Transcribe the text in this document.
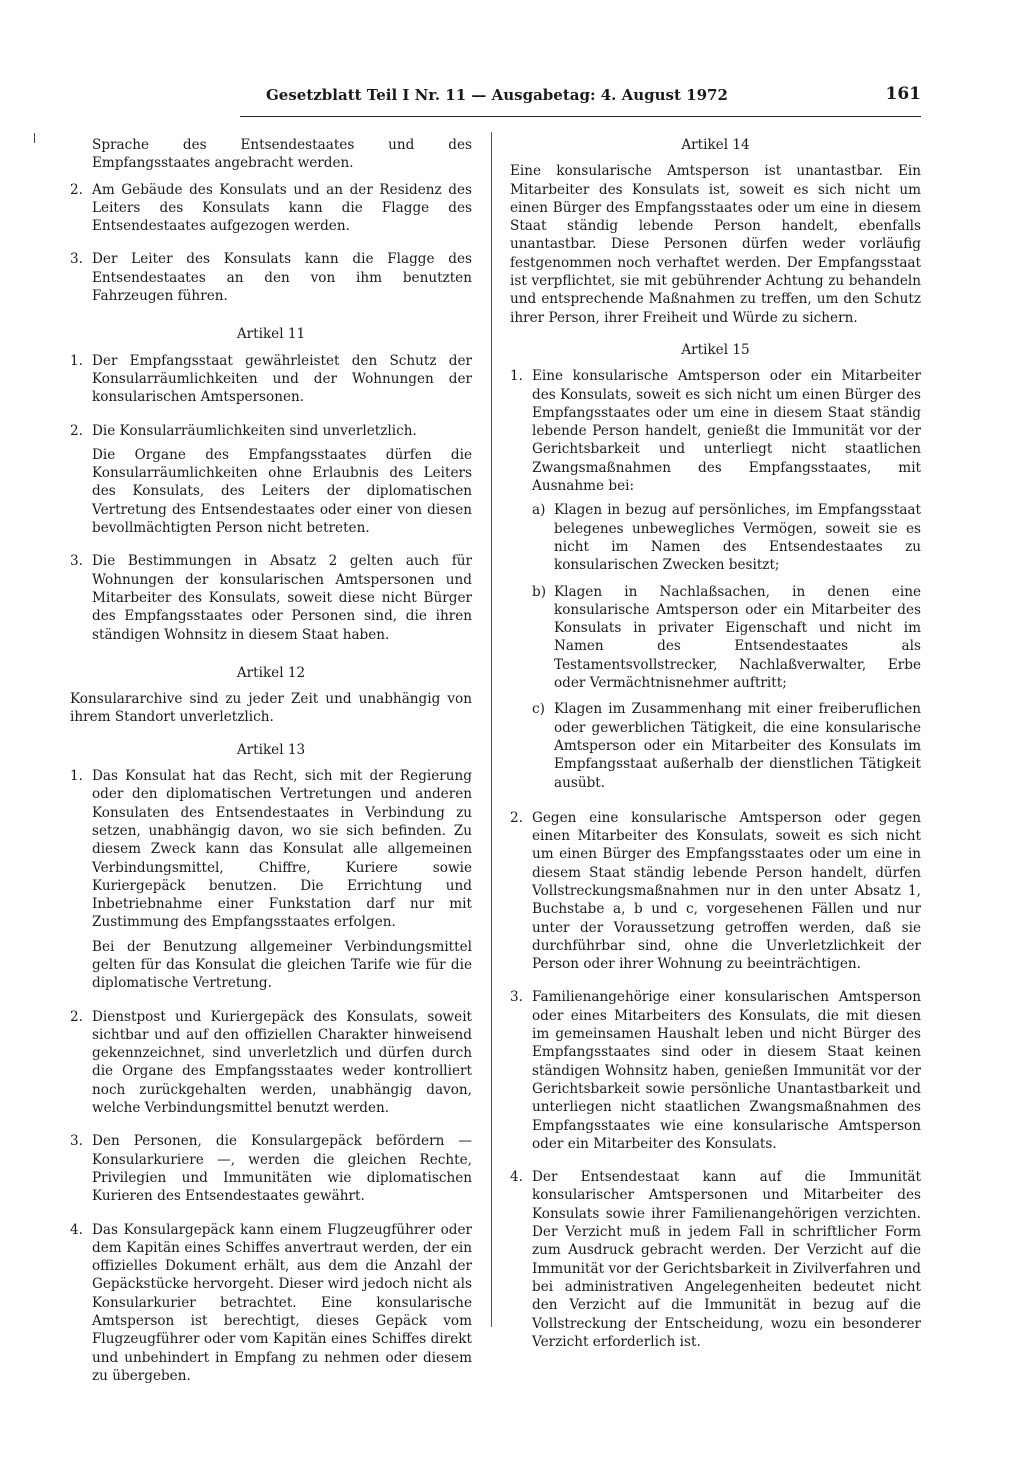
Gesetzblatt Teil I Nr. 11 — Ausgabetag: 4. August 1972	161

Sprache des Entsendestaates und des Empfangsstaates angebracht werden.

2. Am Gebäude des Konsulats und an der Residenz des Leiters des Konsulats kann die Flagge des Entsendestaates aufgezogen werden.

3. Der Leiter des Konsulats kann die Flagge des Entsendestaates an den von ihm benutzten Fahrzeugen führen.

Artikel 11
1. Der Empfangsstaat gewährleistet den Schutz der Konsularräumlichkeiten und der Wohnungen der konsularischen Amtspersonen.

2. Die Konsularräumlichkeiten sind unverletzlich.

Die Organe des Empfangsstaates dürfen die Konsularräumlichkeiten ohne Erlaubnis des Leiters des Konsulats, des Leiters der diplomatischen Vertretung des Entsendestaates oder einer von diesen bevollmächtigten Person nicht betreten.

3. Die Bestimmungen in Absatz 2 gelten auch für Wohnungen der konsularischen Amtspersonen und Mitarbeiter des Konsulats, soweit diese nicht Bürger des Empfangsstaates oder Personen sind, die ihren ständigen Wohnsitz in diesem Staat haben.

Artikel 12

Konsulararchive sind zu jeder Zeit und unabhängig von ihrem Standort unverletzlich.

Artikel 13
1. Das Konsulat hat das Recht, sich mit der Regierung oder den diplomatischen Vertretungen und anderen Konsulaten des Entsendestaates in Verbindung zu setzen, unabhängig davon, wo sie sich befinden. Zu diesem Zweck kann das Konsulat alle allgemeinen Verbindungsmittel, Chiffre, Kuriere sowie Kuriergepäck benutzen. Die Errichtung und Inbetriebnahme einer Funkstation darf nur mit Zustimmung des Empfangsstaates erfolgen.

Bei der Benutzung allgemeiner Verbindungsmittel gelten für das Konsulat die gleichen Tarife wie für die diplomatische Vertretung.

2. Dienstpost und Kuriergepäck des Konsulats, soweit sichtbar und auf den offiziellen Charakter hinweisend gekennzeichnet, sind unverletzlich und dürfen durch die Organe des Empfangsstaates weder kontrolliert noch zurückgehalten werden, unabhängig davon, welche Verbindungsmittel benutzt werden.

3. Den Personen, die Konsulargepäck befördern — Konsularkuriere —, werden die gleichen Rechte, Privilegien und Immunitäten wie diplomatischen Kurieren des Entsendestaates gewährt.

4. Das Konsulargepäck kann einem Flugzeugführer oder dem Kapitän eines Schiffes anvertraut werden, der ein offizielles Dokument erhält, aus dem die Anzahl der Gepäckstücke hervorgeht. Dieser wird jedoch nicht als Konsularkurier betrachtet. Eine konsularische Amtsperson ist berechtigt, dieses Gepäck vom Flugzeugführer oder vom Kapitän eines Schiffes direkt und unbehindert in Empfang zu nehmen oder diesem zu übergeben.

Artikel 14

Eine konsularische Amtsperson ist unantastbar. Ein Mitarbeiter des Konsulats ist, soweit es sich nicht um einen Bürger des Empfangsstaates oder um eine in diesem Staat ständig lebende Person handelt, ebenfalls unantastbar. Diese Personen dürfen weder vorläufig festgenommen noch verhaftet werden. Der Empfangsstaat ist verpflichtet, sie mit gebührender Achtung zu behandeln und entsprechende Maßnahmen zu treffen, um den Schutz ihrer Person, ihrer Freiheit und Würde zu sichern.

Artikel 15
1. Eine konsularische Amtsperson oder ein Mitarbeiter des Konsulats, soweit es sich nicht um einen Bürger des Empfangsstaates oder um eine in diesem Staat ständig lebende Person handelt, genießt die Immunität vor der Gerichtsbarkeit und unterliegt nicht staatlichen Zwangsmaßnahmen des Empfangsstaates, mit Ausnahme bei:

a) Klagen in bezug auf persönliches, im Empfangsstaat belegenes unbewegliches Vermögen, soweit sie es nicht im Namen des Entsendestaates zu konsularischen Zwecken besitzt;
b) Klagen in Nachlaßsachen, in denen eine konsularische Amtsperson oder ein Mitarbeiter des Konsulats in privater Eigenschaft und nicht im Namen des Entsendestaates als Testamentsvollstrecker, Nachlaßverwalter, Erbe oder Vermächtnisnehmer auftritt;
c) Klagen im Zusammenhang mit einer freiberuflichen oder gewerblichen Tätigkeit, die eine konsularische Amtsperson oder ein Mitarbeiter des Konsulats im Empfangsstaat außerhalb der dienstlichen Tätigkeit ausübt.
2. Gegen eine konsularische Amtsperson oder gegen einen Mitarbeiter des Konsulats, soweit es sich nicht um einen Bürger des Empfangsstaates oder um eine in diesem Staat ständig lebende Person handelt, dürfen Vollstreckungsmaßnahmen nur in den unter Absatz 1, Buchstabe a, b und c, vorgesehenen Fällen und nur unter der Voraussetzung getroffen werden, daß sie durchführbar sind, ohne die Unverletzlichkeit der Person oder ihrer Wohnung zu beeinträchtigen.

3. Familienangehörige einer konsularischen Amtsperson oder eines Mitarbeiters des Konsulats, die mit diesen im gemeinsamen Haushalt leben und nicht Bürger des Empfangsstaates sind oder in diesem Staat keinen ständigen Wohnsitz haben, genießen Immunität vor der Gerichtsbarkeit sowie persönliche Unantastbarkeit und unterliegen nicht staatlichen Zwangsmaßnahmen des Empfangsstaates wie eine konsularische Amtsperson oder ein Mitarbeiter des Konsulats.

4. Der Entsendestaat kann auf die Immunität konsularischer Amtspersonen und Mitarbeiter des Konsulats sowie ihrer Familienangehörigen verzichten. Der Verzicht muß in jedem Fall in schriftlicher Form zum Ausdruck gebracht werden. Der Verzicht auf die Immunität vor der Gerichtsbarkeit in Zivilverfahren und bei administrativen Angelegenheiten bedeutet nicht den Verzicht auf die Immunität in bezug auf die Vollstreckung der Entscheidung, wozu ein besonderer Verzicht erforderlich ist.
